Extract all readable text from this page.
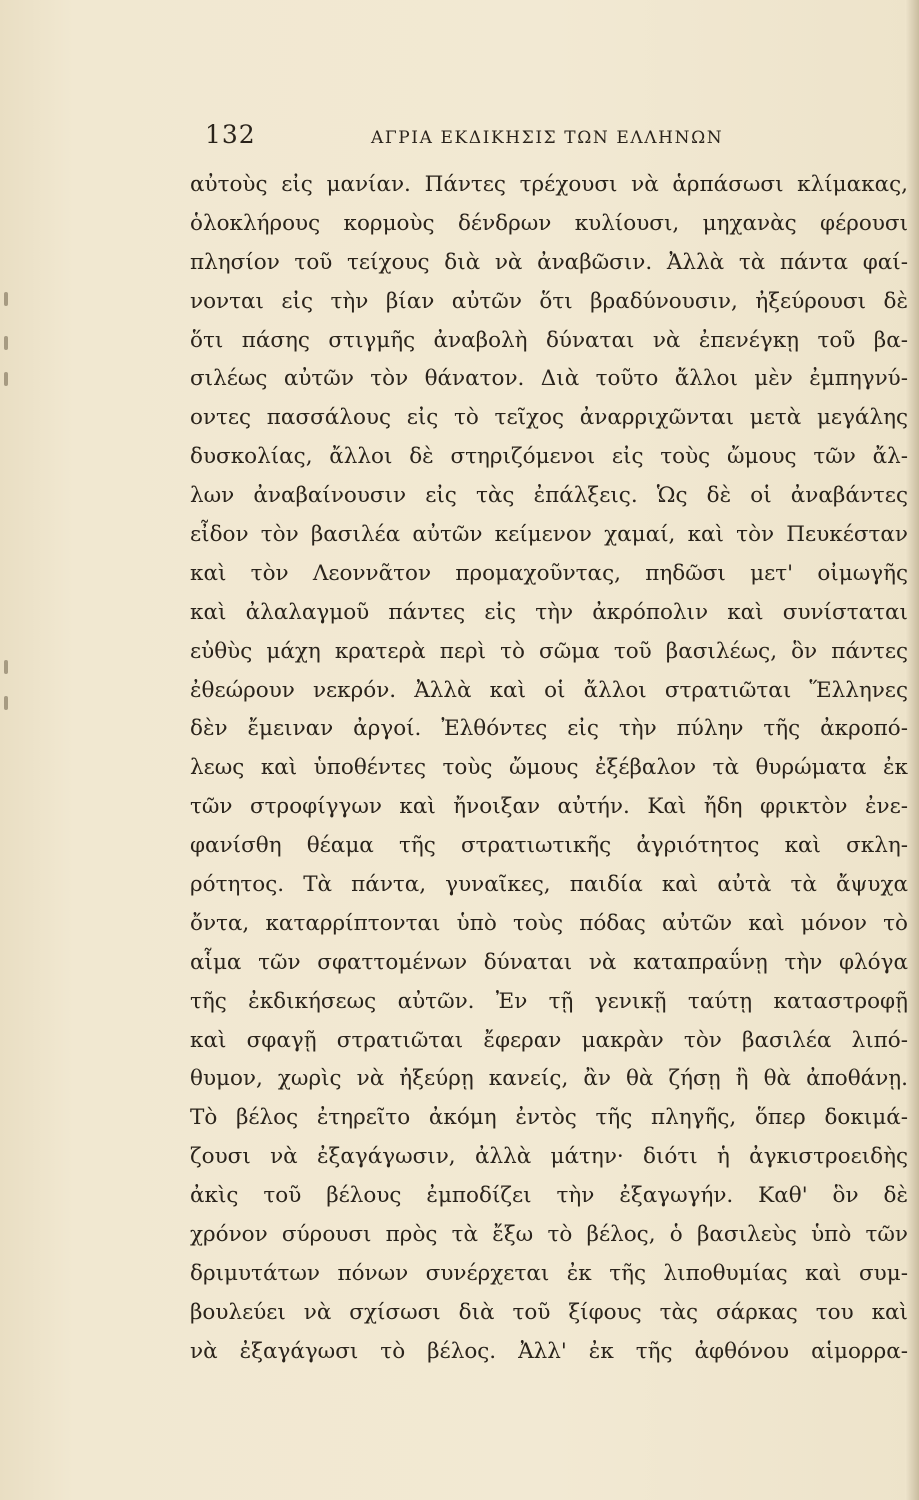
132	ΑΓΡΙΑ ΕΚΔΙΚΗΣΙΣ ΤΩΝ ΕΛΛΗΝΩΝ
αὐτοὺς εἰς μανίαν. Πάντες τρέχουσι νὰ ἁρπάσωσι κλίμακας,
ὁλοκλήρους κορμοὺς δένδρων κυλίουσι, μηχανὰς φέρουσι
πλησίον τοῦ τείχους διὰ νὰ ἀναβῶσιν. Ἀλλὰ τὰ πάντα φαί-
νονται εἰς τὴν βίαν αὐτῶν ὅτι βραδύνουσιν, ἠξεύρουσι δὲ
ὅτι πάσης στιγμῆς ἀναβολὴ δύναται νὰ ἐπενέγκῃ τοῦ βα-
σιλέως αὐτῶν τὸν θάνατον. Διὰ τοῦτο ἄλλοι μὲν ἐμπηγνύ-
οντες πασσάλους εἰς τὸ τεῖχος ἀναρριχῶνται μετὰ μεγάλης
δυσκολίας, ἄλλοι δὲ στηριζόμενοι εἰς τοὺς ὤμους τῶν ἄλ-
λων ἀναβαίνουσιν εἰς τὰς ἐπάλξεις. Ὡς δὲ οἱ ἀναβάντες
εἶδον τὸν βασιλέα αὐτῶν κείμενον χαμαί, καὶ τὸν Πευκέσταν
καὶ τὸν Λεοννᾶτον προμαχοῦντας, πηδῶσι μετ' οἰμωγῆς
καὶ ἀλαλαγμοῦ πάντες εἰς τὴν ἀκρόπολιν καὶ συνίσταται
εὐθὺς μάχη κρατερὰ περὶ τὸ σῶμα τοῦ βασιλέως, ὃν πάντες
ἐθεώρουν νεκρόν. Ἀλλὰ καὶ οἱ ἄλλοι στρατιῶται Ἕλληνες
δὲν ἔμειναν ἀργοί. Ἐλθόντες εἰς τὴν πύλην τῆς ἀκροπό-
λεως καὶ ὑποθέντες τοὺς ὤμους ἐξέβαλον τὰ θυρώματα ἐκ
τῶν στροφίγγων καὶ ἤνοιξαν αὐτήν. Καὶ ἤδη φρικτὸν ἐνε-
φανίσθη θέαμα τῆς στρατιωτικῆς ἀγριότητος καὶ σκλη-
ρότητος. Τὰ πάντα, γυναῖκες, παιδία καὶ αὐτὰ τὰ ἄψυχα
ὄντα, καταρρίπτονται ὑπὸ τοὺς πόδας αὐτῶν καὶ μόνον τὸ
αἷμα τῶν σφαττομένων δύναται νὰ καταπραΰνῃ τὴν φλόγα
τῆς ἐκδικήσεως αὐτῶν. Ἐν τῇ γενικῇ ταύτῃ καταστροφῇ
καὶ σφαγῇ στρατιῶται ἔφεραν μακρὰν τὸν βασιλέα λιπό-
θυμον, χωρὶς νὰ ἠξεύρῃ κανείς, ἂν θὰ ζήσῃ ἢ θὰ ἀποθάνῃ.
Τὸ βέλος ἐτηρεῖτο ἀκόμη ἐντὸς τῆς πληγῆς, ὅπερ δοκιμά-
ζουσι νὰ ἐξαγάγωσιν, ἀλλὰ μάτην· διότι ἡ ἀγκιστροειδὴς
ἀκὶς τοῦ βέλους ἐμποδίζει τὴν ἐξαγωγήν. Καθ' ὃν δὲ
χρόνον σύρουσι πρὸς τὰ ἔξω τὸ βέλος, ὁ βασιλεὺς ὑπὸ τῶν
δριμυτάτων πόνων συνέρχεται ἐκ τῆς λιποθυμίας καὶ συμ-
βουλεύει νὰ σχίσωσι διὰ τοῦ ξίφους τὰς σάρκας του καὶ
νὰ ἐξαγάγωσι τὸ βέλος. Ἀλλ' ἐκ τῆς ἀφθόνου αἱμορρα-
